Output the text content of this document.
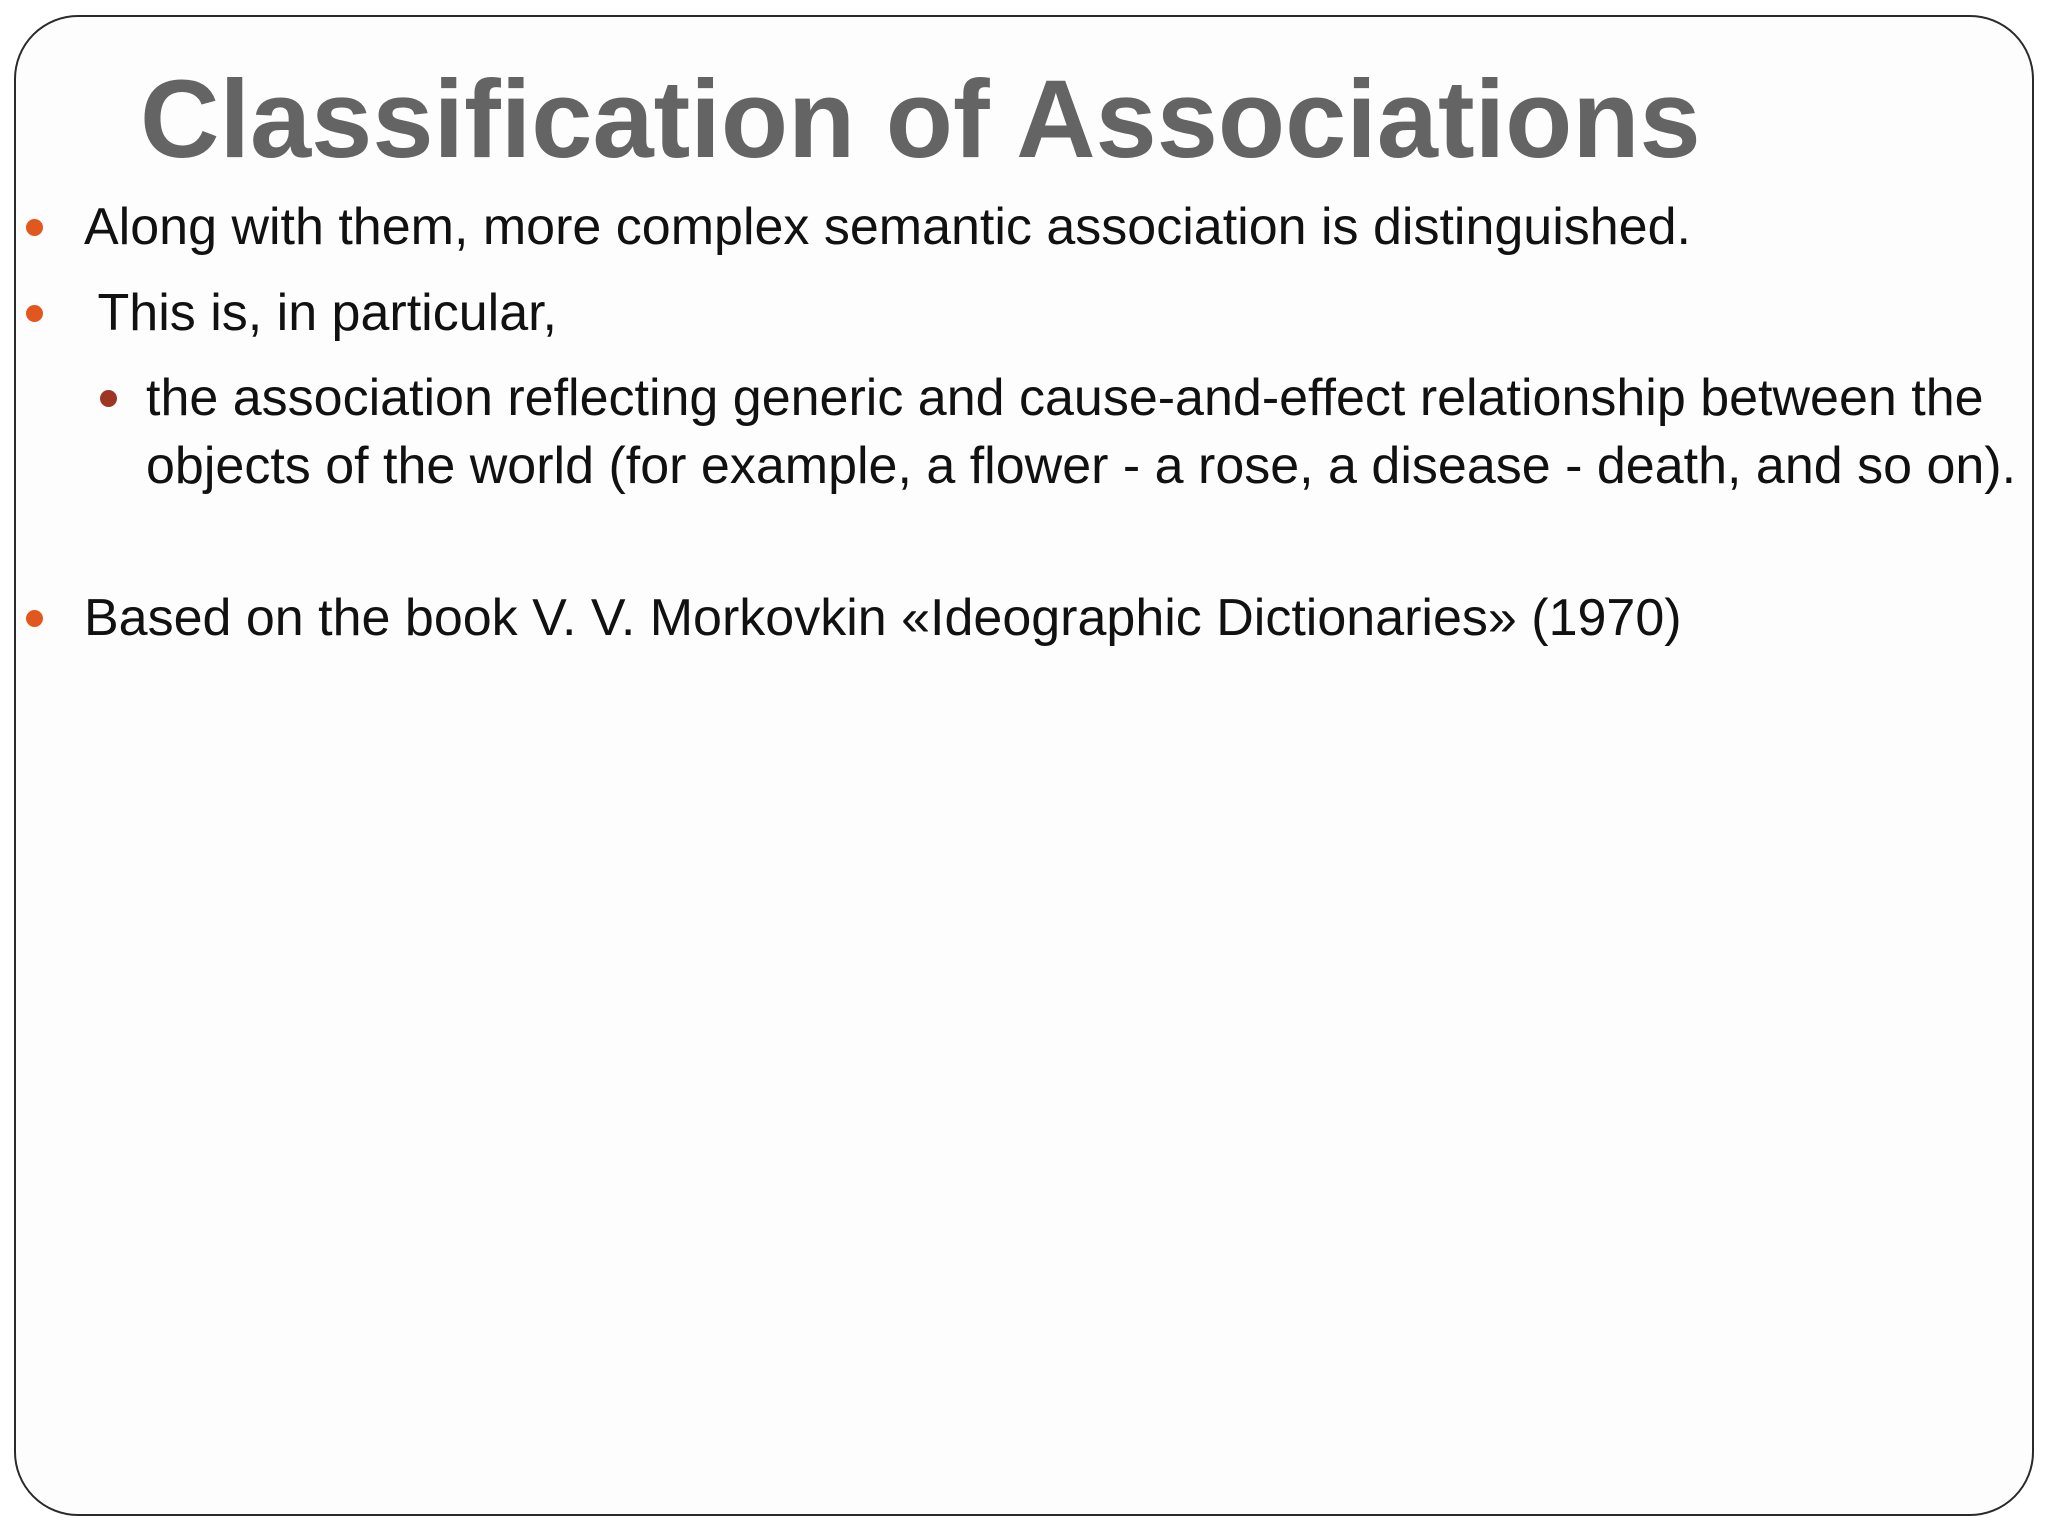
Classification of Associations
Along with them, more complex semantic association is distinguished.
This is, in particular,
the association reflecting generic and cause-and-effect relationship between the objects of the world (for example, a flower - a rose, a disease - death, and so on).
Based on the book V. V. Morkovkin «Ideographic Dictionaries» (1970)
